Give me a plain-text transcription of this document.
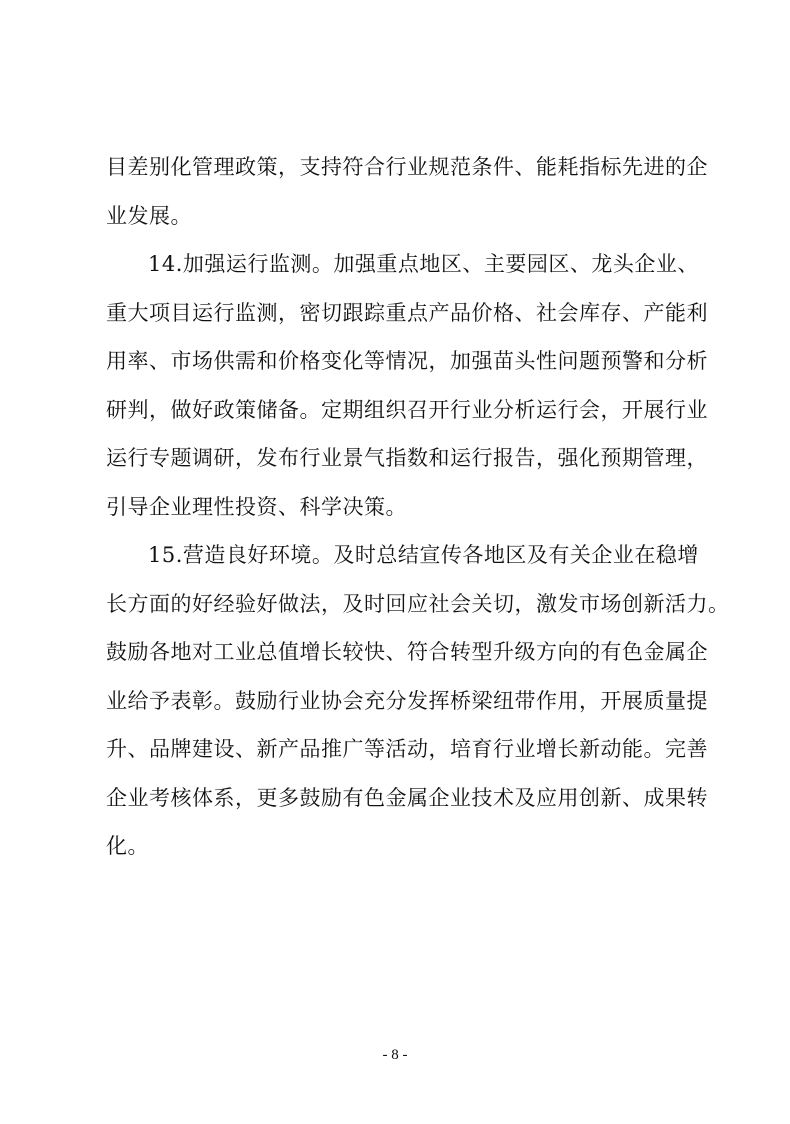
目差别化管理政策，支持符合行业规范条件、能耗指标先进的企
业发展。
14.加强运行监测。加强重点地区、主要园区、龙头企业、
重大项目运行监测，密切跟踪重点产品价格、社会库存、产能利
用率、市场供需和价格变化等情况，加强苗头性问题预警和分析
研判，做好政策储备。定期组织召开行业分析运行会，开展行业
运行专题调研，发布行业景气指数和运行报告，强化预期管理，
引导企业理性投资、科学决策。
15.营造良好环境。及时总结宣传各地区及有关企业在稳增
长方面的好经验好做法，及时回应社会关切，激发市场创新活力。
鼓励各地对工业总值增长较快、符合转型升级方向的有色金属企
业给予表彰。鼓励行业协会充分发挥桥梁纽带作用，开展质量提
升、品牌建设、新产品推广等活动，培育行业增长新动能。完善
企业考核体系，更多鼓励有色金属企业技术及应用创新、成果转
化。
- 8 -
